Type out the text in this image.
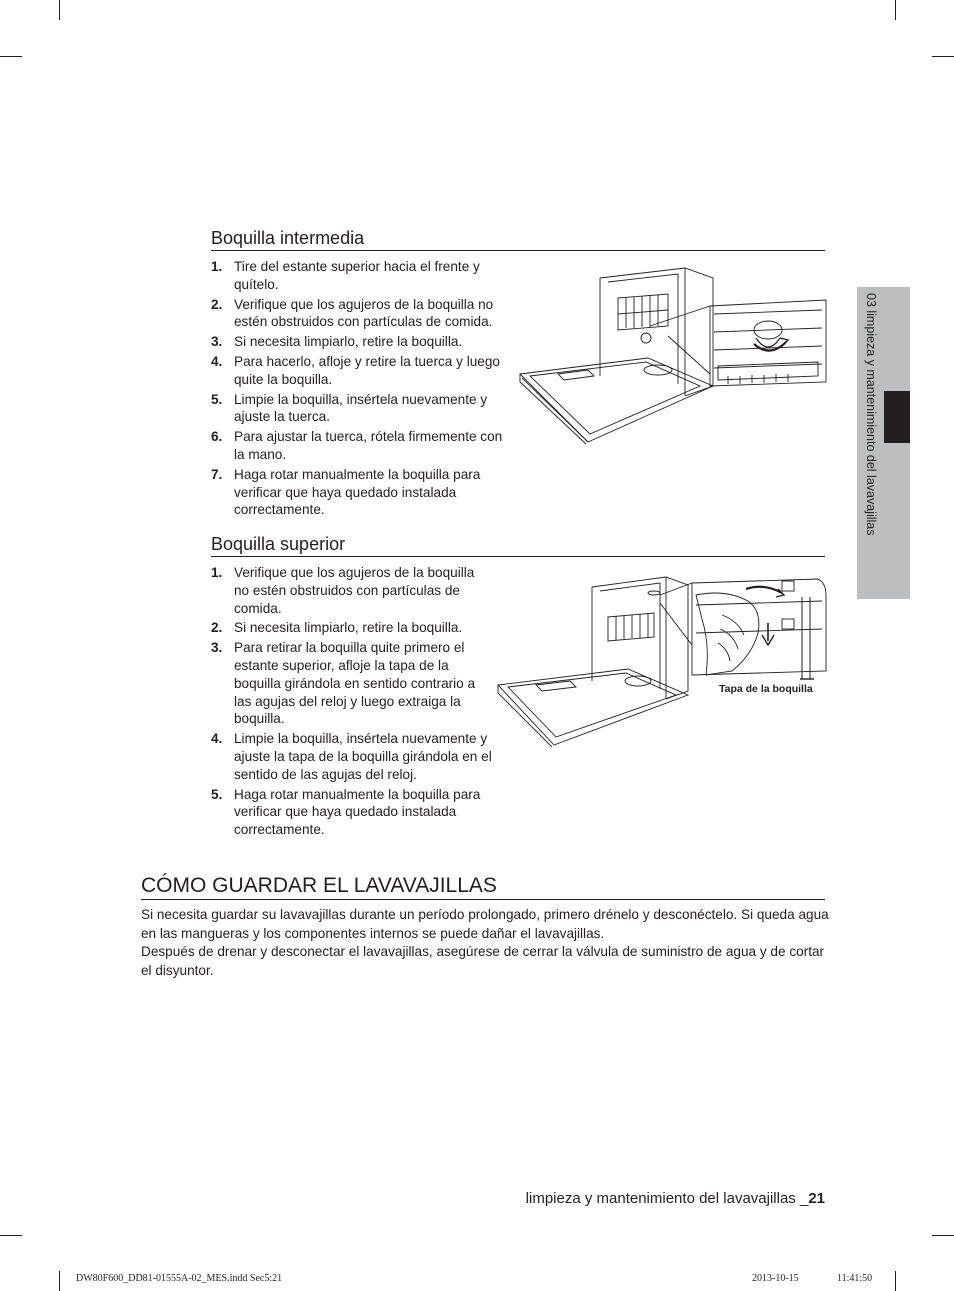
Boquilla intermedia
1. Tire del estante superior hacia el frente y quítelo.
2. Verifique que los agujeros de la boquilla no estén obstruidos con partículas de comida.
3. Si necesita limpiarlo, retire la boquilla.
4. Para hacerlo, afloje y retire la tuerca y luego quite la boquilla.
5. Limpie la boquilla, insértela nuevamente y ajuste la tuerca.
6. Para ajustar la tuerca, rótela firmemente con la mano.
7. Haga rotar manualmente la boquilla para verificar que haya quedado instalada correctamente.
Boquilla superior
1. Verifique que los agujeros de la boquilla no estén obstruidos con partículas de comida.
2. Si necesita limpiarlo, retire la boquilla.
3. Para retirar la boquilla quite primero el estante superior, afloje la tapa de la boquilla girándola en sentido contrario a las agujas del reloj y luego extraiga la boquilla.
4. Limpie la boquilla, insértela nuevamente y ajuste la tapa de la boquilla girándola en el sentido de las agujas del reloj.
5. Haga rotar manualmente la boquilla para verificar que haya quedado instalada correctamente.
Tapa de la boquilla
CÓMO GUARDAR EL LAVAVAJILLAS

Si necesita guardar su lavavajillas durante un período prolongado, primero drénelo y desconéctelo. Si queda agua en las mangueras y los componentes internos se puede dañar el lavavajillas.

Después de drenar y desconectar el lavavajillas, asegúrese de cerrar la válvula de suministro de agua y de cortar el disyuntor.

03 limpieza y mantenimiento del lavavajillas
limpieza y mantenimiento del lavavajillas _21
DW80F600_DD81-01555A-02_MES.indd Sec5:21	2013-10-15	11:41:50
